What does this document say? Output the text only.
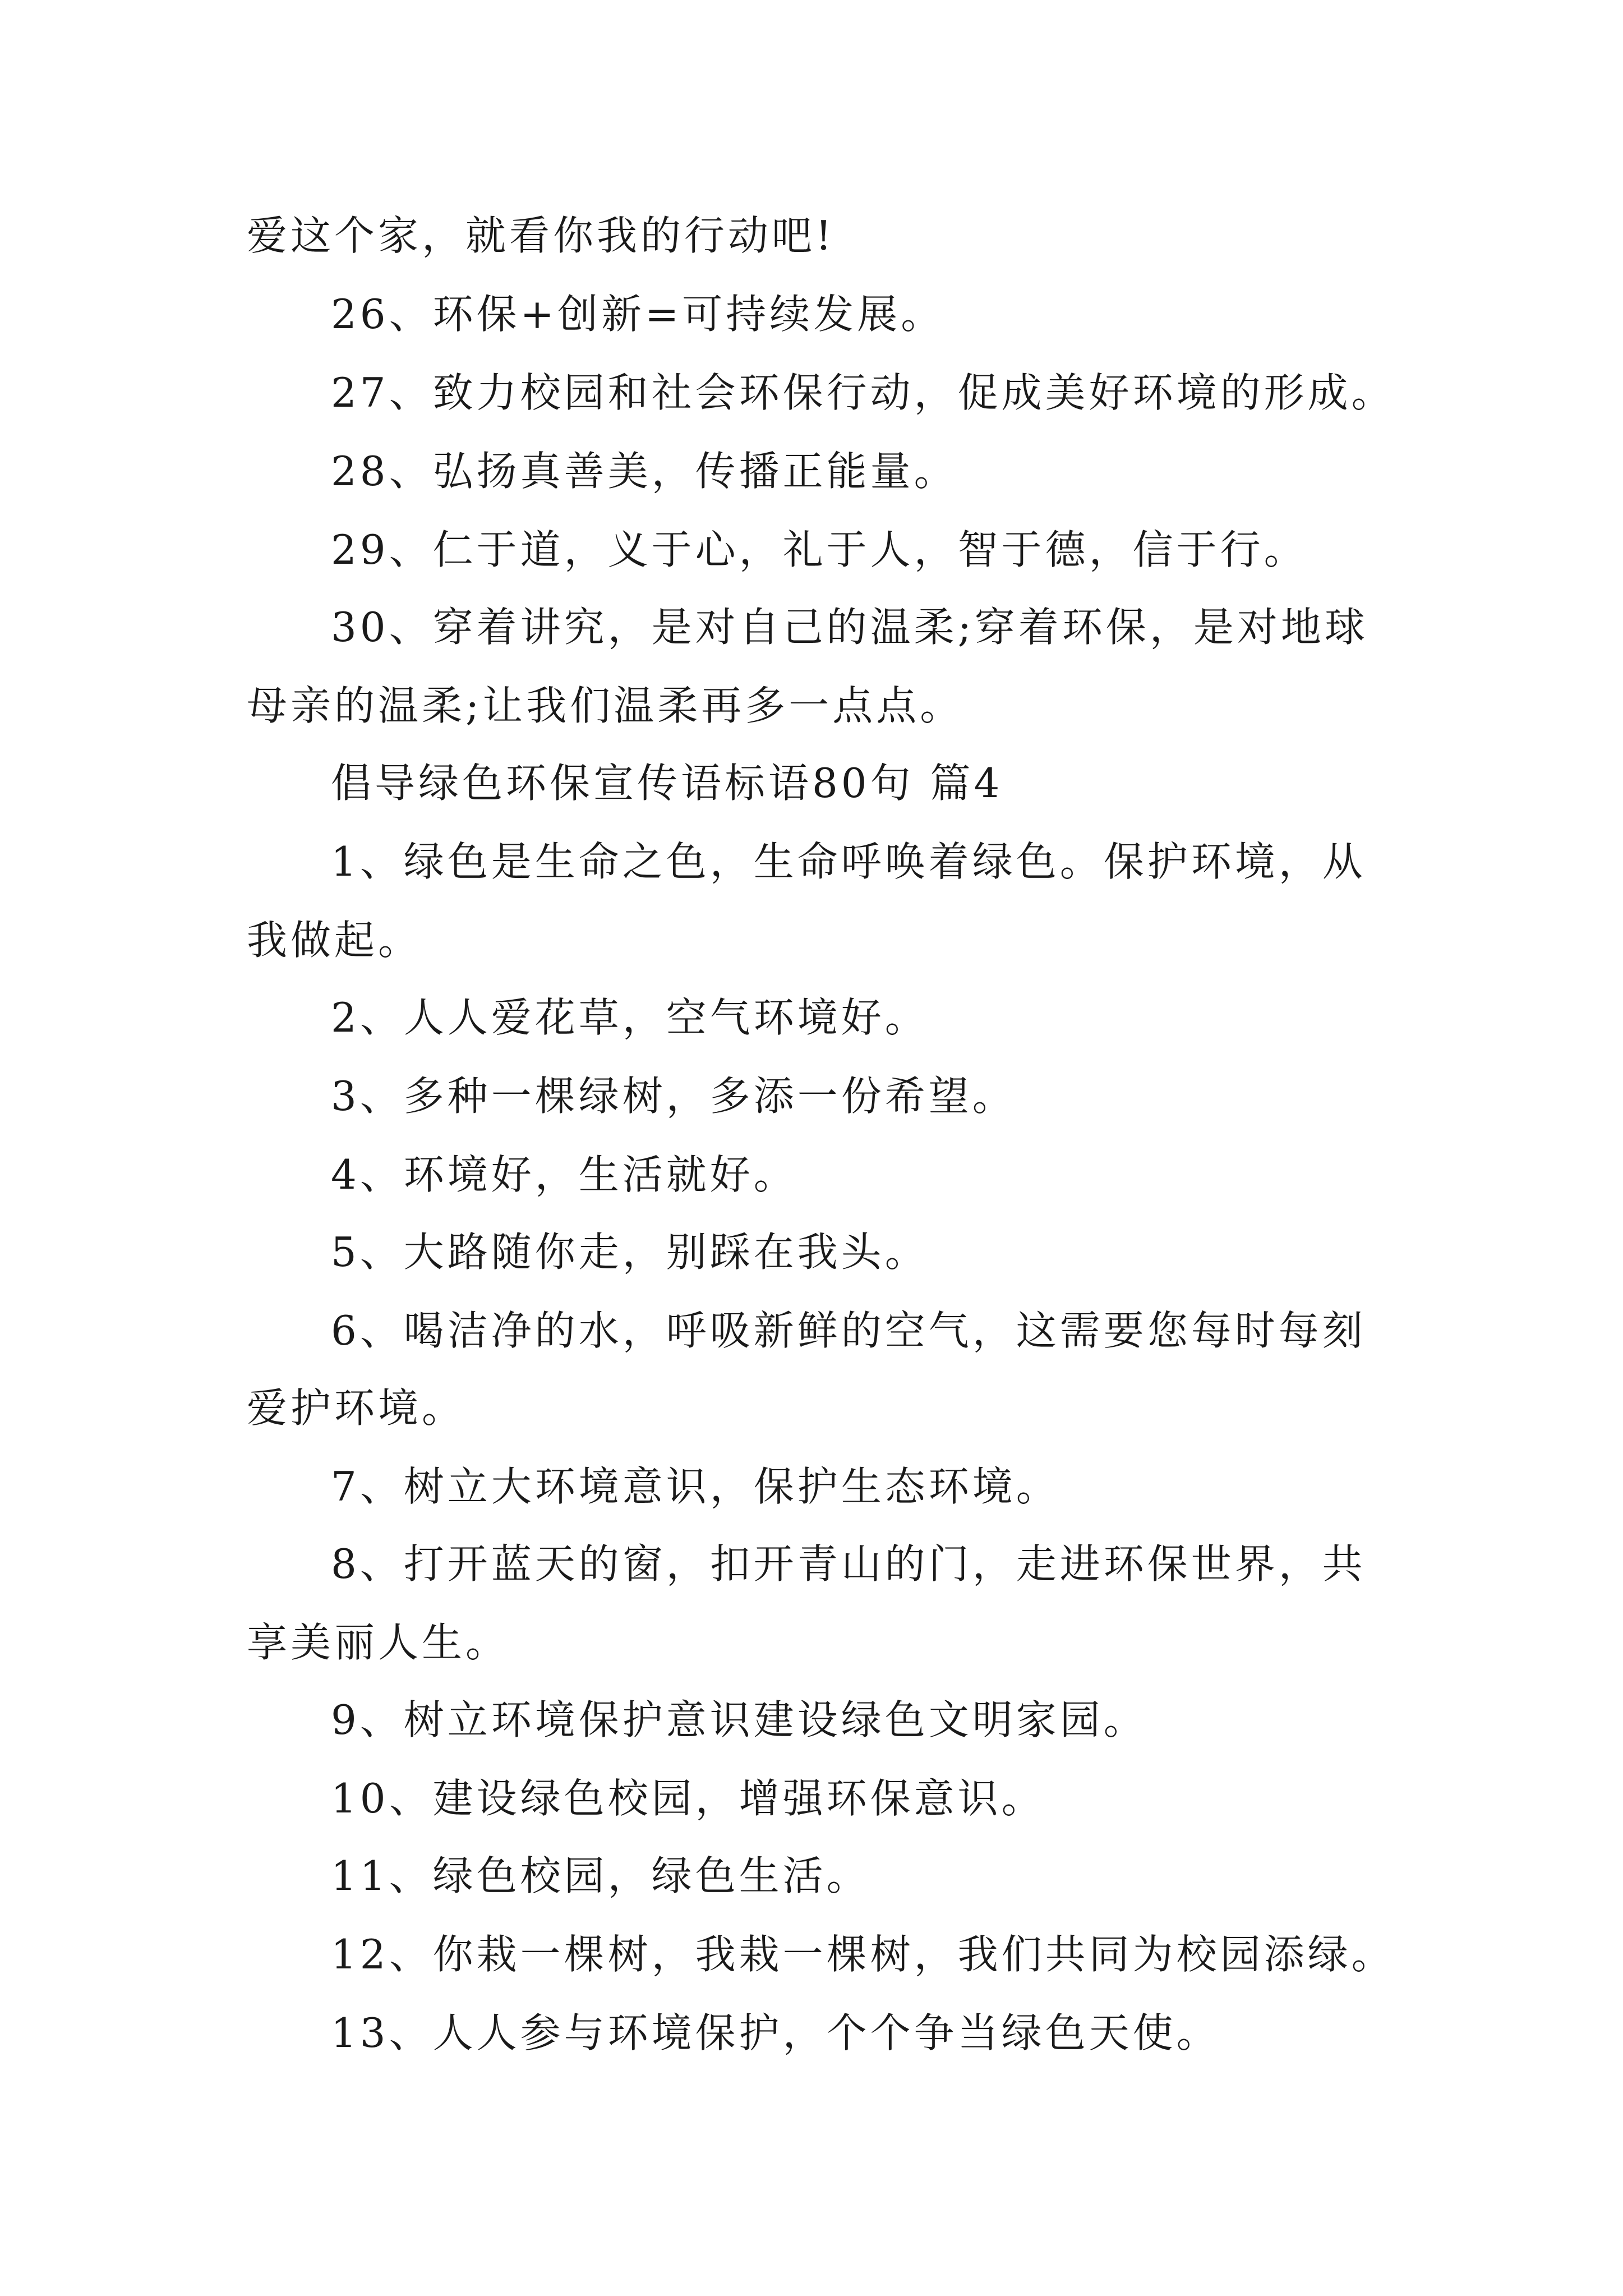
爱这个家，就看你我的行动吧!
26、环保+创新=可持续发展。
27、致力校园和社会环保行动，促成美好环境的形成。
28、弘扬真善美，传播正能量。
29、仁于道，义于心，礼于人，智于德，信于行。
30、穿着讲究，是对自己的温柔;穿着环保，是对地球
母亲的温柔;让我们温柔再多一点点。
倡导绿色环保宣传语标语80句 篇4
1、绿色是生命之色，生命呼唤着绿色。保护环境，从
我做起。
2、人人爱花草，空气环境好。
3、多种一棵绿树，多添一份希望。
4、环境好，生活就好。
5、大路随你走，别踩在我头。
6、喝洁净的水，呼吸新鲜的空气，这需要您每时每刻
爱护环境。
7、树立大环境意识，保护生态环境。
8、打开蓝天的窗，扣开青山的门，走进环保世界，共
享美丽人生。
9、树立环境保护意识建设绿色文明家园。
10、建设绿色校园，增强环保意识。
11、绿色校园，绿色生活。
12、你栽一棵树，我栽一棵树，我们共同为校园添绿。
13、人人参与环境保护，个个争当绿色天使。
